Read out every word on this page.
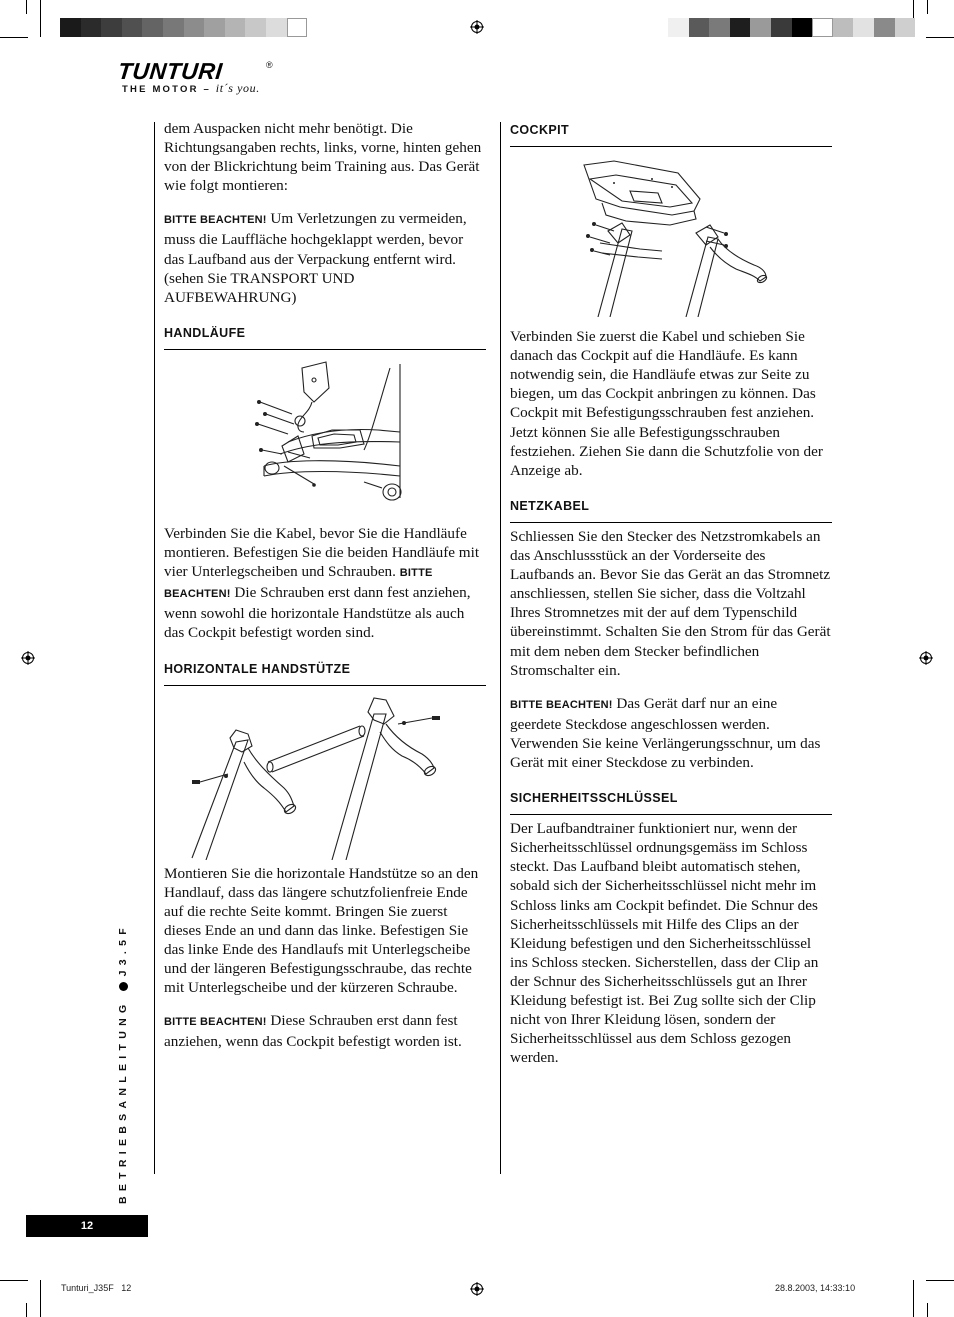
TUNTURI	®
THE MOTOR – it´s you.

dem Auspacken nicht mehr benötigt. Die Richtungsangaben rechts, links, vorne, hinten gehen von der Blickrichtung beim Training aus. Das Gerät wie folgt montieren:

BITTE BEACHTEN! Um Verletzungen zu vermeiden, muss die Lauffläche hochgeklappt werden, bevor das Laufband aus der Verpackung entfernt wird. (sehen Sie TRANSPORT UND AUFBEWAHRUNG)

HANDLÄUFE

Verbinden Sie die Kabel, bevor Sie die Handläufe montieren. Befestigen Sie die beiden Handläufe mit vier Unterlegscheiben und Schrauben. BITTE BEACHTEN! Die Schrauben erst dann fest anziehen, wenn sowohl die horizontale Handstütze als auch das Cockpit befestigt worden sind.

HORIZONTALE HANDSTÜTZE

Montieren Sie die horizontale Handstütze so an den Handlauf, dass das längere schutzfolienfreie Ende auf die rechte Seite kommt. Bringen Sie zuerst dieses Ende an und dann das linke. Befestigen Sie das linke Ende des Handlaufs mit Unterlegscheibe und der längeren Befestigungsschraube, das rechte mit Unterlegscheibe und der kürzeren Schraube.

BITTE BEACHTEN! Diese Schrauben erst dann fest anziehen, wenn das Cockpit befestigt worden ist.

COCKPIT

Verbinden Sie zuerst die Kabel und schieben Sie danach das Cockpit auf die Handläufe. Es kann notwendig sein, die Handläufe etwas zur Seite zu biegen, um das Cockpit anbringen zu können. Das Cockpit mit Befestigungsschrauben fest anziehen. Jetzt können Sie alle Befestigungsschrauben festziehen. Ziehen Sie dann die Schutzfolie von der Anzeige ab.

NETZKABEL

Schliessen Sie den Stecker des Netzstromkabels an das Anschlussstück an der Vorderseite des Laufbands an. Bevor Sie das Gerät an das Stromnetz anschliessen, stellen Sie sicher, dass die Voltzahl Ihres Stromnetzes mit der auf dem Typenschild übereinstimmt. Schalten Sie den Strom für das Gerät mit dem neben dem Stecker befindlichen Stromschalter ein.

BITTE BEACHTEN! Das Gerät darf nur an eine geerdete Steckdose angeschlossen werden. Verwenden Sie keine Verlängerungsschnur, um das Gerät mit einer Steckdose zu verbinden.

SICHERHEITSSCHLÜSSEL

Der Laufbandtrainer funktioniert nur, wenn der Sicherheitsschlüssel ordnungsgemäss im Schloss steckt. Das Laufband bleibt automatisch stehen, sobald sich der Sicherheitsschlüssel nicht mehr im Schloss links am Cockpit befindet. Die Schnur des Sicherheitsschlüssels mit Hilfe des Clips an der Kleidung befestigen und den Sicherheitsschlüssel ins Schloss stecken. Sicherstellen, dass der Clip an der Schnur des Sicherheitsschlüssels gut an Ihrer Kleidung befestigt ist. Bei Zug sollte sich der Clip nicht von Ihrer Kleidung lösen, sondern der Sicherheitsschlüssel aus dem Schloss gezogen werden.

BETRIEBSANLEITUNG J3.5F
12
Tunturi_J35F   12	28.8.2003, 14:33:10
